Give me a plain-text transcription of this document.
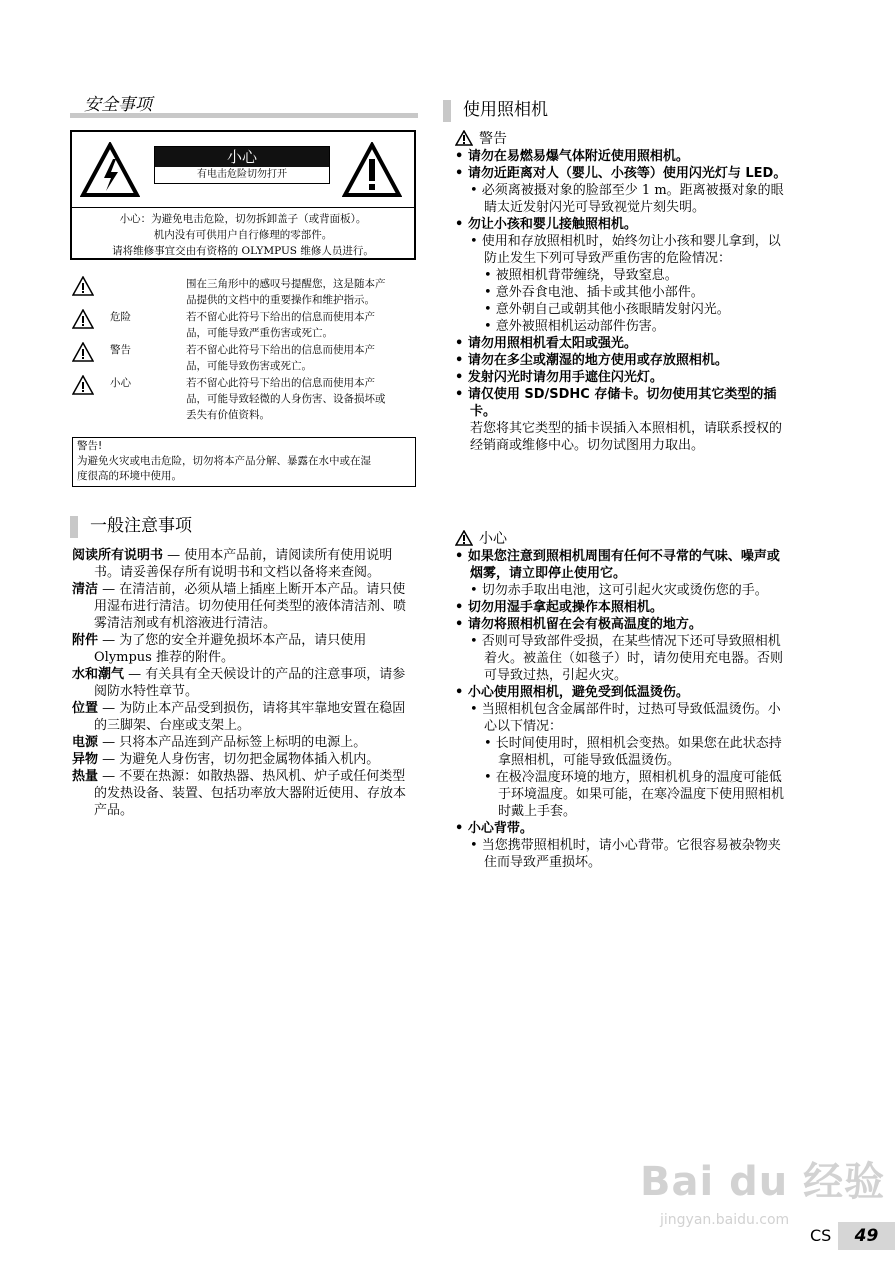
安全事项
小心
有电击危险切勿打开
小心：为避免电击危险，切勿拆卸盖子（或背面板）。
机内没有可供用户自行修理的零部件。
请将维修事宜交由有资格的 OLYMPUS 维修人员进行。
围在三角形中的感叹号提醒您，这是随本产
品提供的文档中的重要操作和维护指示。
危险	若不留心此符号下给出的信息而使用本产
品，可能导致严重伤害或死亡。
警告	若不留心此符号下给出的信息而使用本产
品，可能导致伤害或死亡。
小心	若不留心此符号下给出的信息而使用本产
品，可能导致轻微的人身伤害、设备损坏或
丢失有价值资料。
警告!
为避免火灾或电击危险，切勿将本产品分解、暴露在水中或在湿
度很高的环境中使用。
一般注意事项

阅读所有说明书 — 使用本产品前，请阅读所有使用说明书。请妥善保存所有说明书和文档以备将来查阅。

清洁 — 在清洁前，必须从墙上插座上断开本产品。请只使用湿布进行清洁。切勿使用任何类型的液体清洁剂、喷雾清洁剂或有机溶液进行清洁。

附件 — 为了您的安全并避免损坏本产品，请只使用 Olympus 推荐的附件。

水和潮气 — 有关具有全天候设计的产品的注意事项，请参阅防水特性章节。

位置 — 为防止本产品受到损伤，请将其牢靠地安置在稳固的三脚架、台座或支架上。

电源 — 只将本产品连到产品标签上标明的电源上。

异物 — 为避免人身伤害，切勿把金属物体插入机内。

热量 — 不要在热源：如散热器、热风机、炉子或任何类型的发热设备、装置、包括功率放大器附近使用、存放本产品。

使用照相机

警告

• 请勿在易燃易爆气体附近使用照相机。

• 请勿近距离对人（婴儿、小孩等）使用闪光灯与 LED。

• 必须离被摄对象的脸部至少 1 m。距离被摄对象的眼睛太近发射闪光可导致视觉片刻失明。

• 勿让小孩和婴儿接触照相机。

• 使用和存放照相机时，始终勿让小孩和婴儿拿到，以防止发生下列可导致严重伤害的危险情况：

• 被照相机背带缠绕，导致窒息。

• 意外吞食电池、插卡或其他小部件。

• 意外朝自己或朝其他小孩眼睛发射闪光。

• 意外被照相机运动部件伤害。

• 请勿用照相机看太阳或强光。

• 请勿在多尘或潮湿的地方使用或存放照相机。

• 发射闪光时请勿用手遮住闪光灯。

• 请仅使用 SD/SDHC 存储卡。切勿使用其它类型的插卡。

若您将其它类型的插卡误插入本照相机，请联系授权的经销商或维修中心。切勿试图用力取出。

小心

• 如果您注意到照相机周围有任何不寻常的气味、噪声或烟雾，请立即停止使用它。

• 切勿赤手取出电池，这可引起火灾或烫伤您的手。

• 切勿用湿手拿起或操作本照相机。

• 请勿将照相机留在会有极高温度的地方。

• 否则可导致部件受损，在某些情况下还可导致照相机着火。被盖住（如毯子）时，请勿使用充电器。否则可导致过热，引起火灾。

• 小心使用照相机，避免受到低温烫伤。

• 当照相机包含金属部件时，过热可导致低温烫伤。小心以下情况：

• 长时间使用时，照相机会变热。如果您在此状态持拿照相机，可能导致低温烫伤。

• 在极冷温度环境的地方，照相机机身的温度可能低于环境温度。如果可能，在寒冷温度下使用照相机时戴上手套。

• 小心背带。

• 当您携带照相机时，请小心背带。它很容易被杂物夹住而导致严重损坏。

Bai du 经验
jingyan.baidu.com
CS	49
